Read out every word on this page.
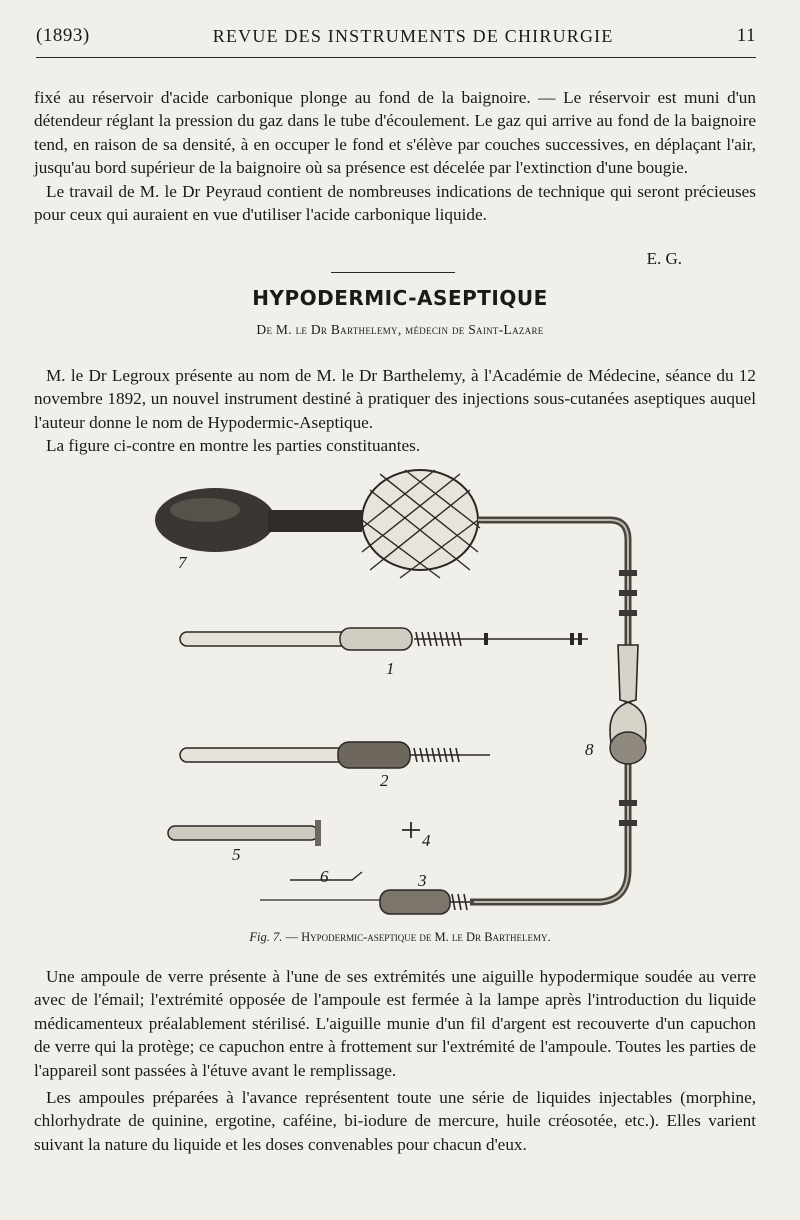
(1893)	REVUE DES INSTRUMENTS DE CHIRURGIE	11

fixé au réservoir d'acide carbonique plonge au fond de la baignoire. — Le réservoir est muni d'un détendeur réglant la pression du gaz dans le tube d'écoulement. Le gaz qui arrive au fond de la baignoire tend, en raison de sa densité, à en occuper le fond et s'élève par couches successives, en déplaçant l'air, jusqu'au bord supérieur de la baignoire où sa présence est décelée par l'extinction d'une bougie.

Le travail de M. le Dr Peyraud contient de nombreuses indications de technique qui seront précieuses pour ceux qui auraient en vue d'utiliser l'acide carbonique liquide.

E. G.
HYPODERMIC-ASEPTIQUE
De M. le Dr Barthelemy, médecin de Saint-Lazare

M. le Dr Legroux présente au nom de M. le Dr Barthelemy, à l'Académie de Médecine, séance du 12 novembre 1892, un nouvel instrument destiné à pratiquer des injections sous-cutanées aseptiques auquel l'auteur donne le nom de Hypodermic-Aseptique.

La figure ci-contre en montre les parties constituantes.

7
1
2
8
4
5
6	3
Fig. 7. — Hypodermic-aseptique de M. le Dr Barthelemy.

Une ampoule de verre présente à l'une de ses extrémités une aiguille hypodermique soudée au verre avec de l'émail; l'extrémité opposée de l'ampoule est fermée à la lampe après l'introduction du liquide médicamenteux préalablement stérilisé. L'aiguille munie d'un fil d'argent est recouverte d'un capuchon de verre qui la protège; ce capuchon entre à frottement sur l'extrémité de l'ampoule. Toutes les parties de l'appareil sont passées à l'étuve avant le remplissage.

Les ampoules préparées à l'avance représentent toute une série de liquides injectables (morphine, chlorhydrate de quinine, ergotine, caféine, bi-iodure de mercure, huile créosotée, etc.). Elles varient suivant la nature du liquide et les doses convenables pour chacun d'eux.
